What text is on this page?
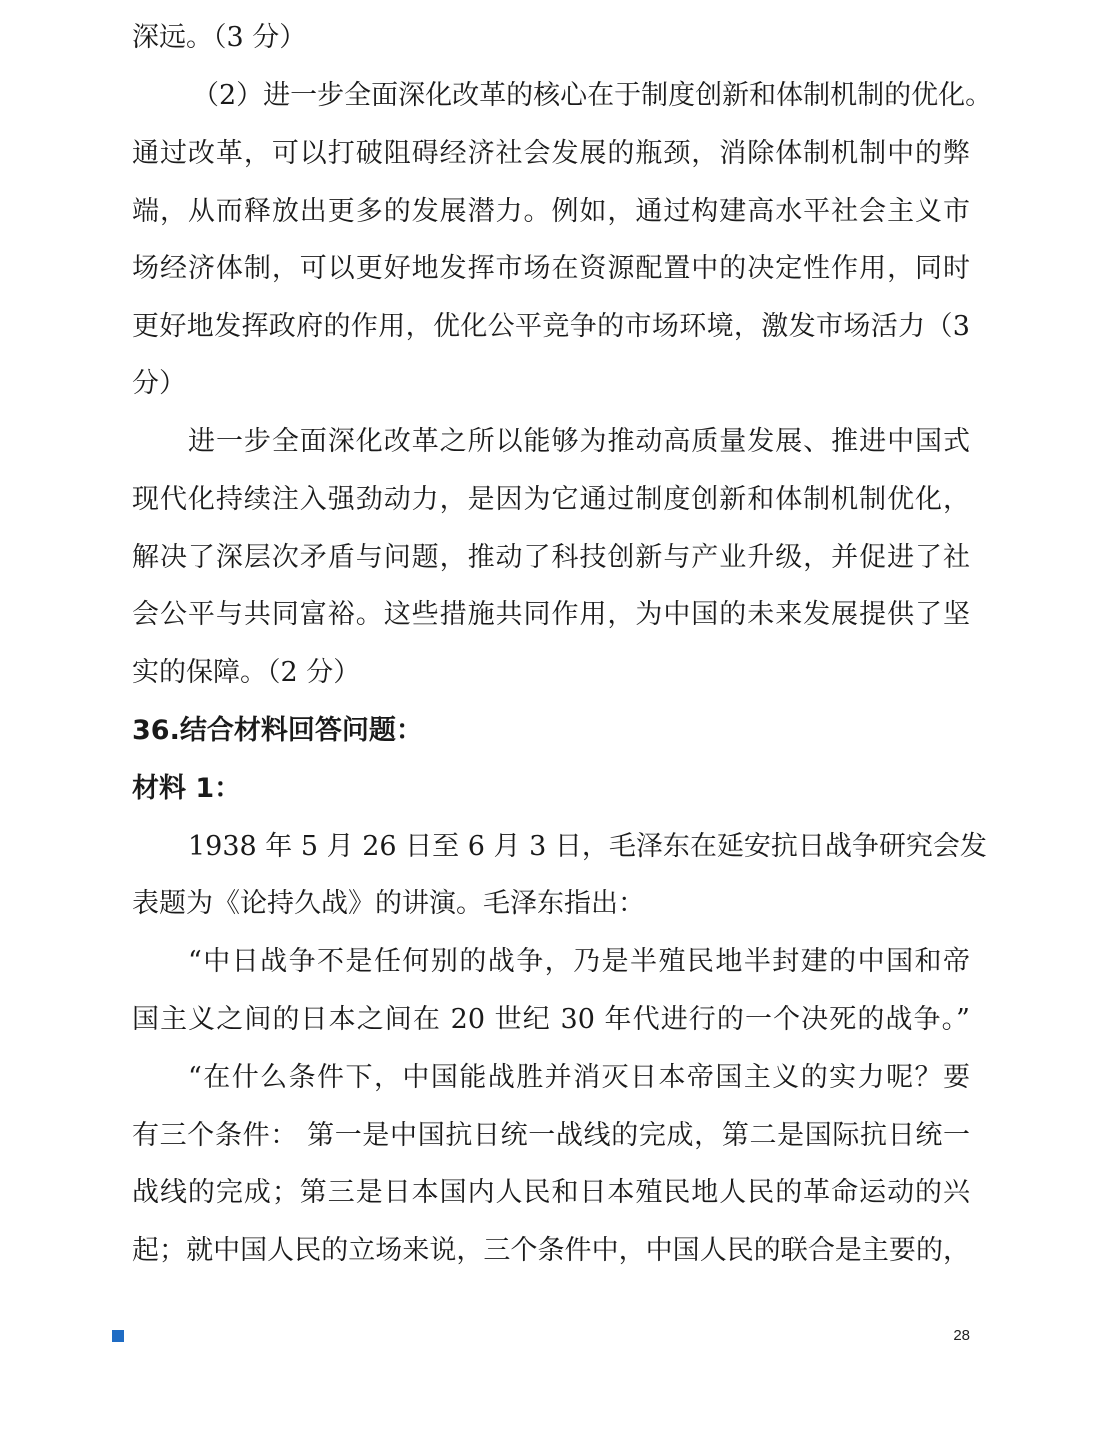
深远。（3 分）

（2）进一步全面深化改革的核心在于制度创新和体制机制的优化。

通过改革，可以打破阻碍经济社会发展的瓶颈，消除体制机制中的弊

端，从而释放出更多的发展潜力。例如，通过构建高水平社会主义市

场经济体制，可以更好地发挥市场在资源配置中的决定性作用，同时

更好地发挥政府的作用，优化公平竞争的市场环境，激发市场活力（3

分）

进一步全面深化改革之所以能够为推动高质量发展、推进中国式

现代化持续注入强劲动力，是因为它通过制度创新和体制机制优化，

解决了深层次矛盾与问题，推动了科技创新与产业升级，并促进了社

会公平与共同富裕。这些措施共同作用，为中国的未来发展提供了坚

实的保障。（2 分）

36.结合材料回答问题：

材料 1：

1938 年 5 月 26 日至 6 月 3 日，毛泽东在延安抗日战争研究会发

表题为《论持久战》的讲演。毛泽东指出：

“中日战争不是任何别的战争，乃是半殖民地半封建的中国和帝

国主义之间的日本之间在 20 世纪 30 年代进行的一个决死的战争。”

“在什么条件下，中国能战胜并消灭日本帝国主义的实力呢？要

有三个条件： 第一是中国抗日统一战线的完成，第二是国际抗日统一

战线的完成；第三是日本国内人民和日本殖民地人民的革命运动的兴

起；就中国人民的立场来说，三个条件中，中国人民的联合是主要的，

28
